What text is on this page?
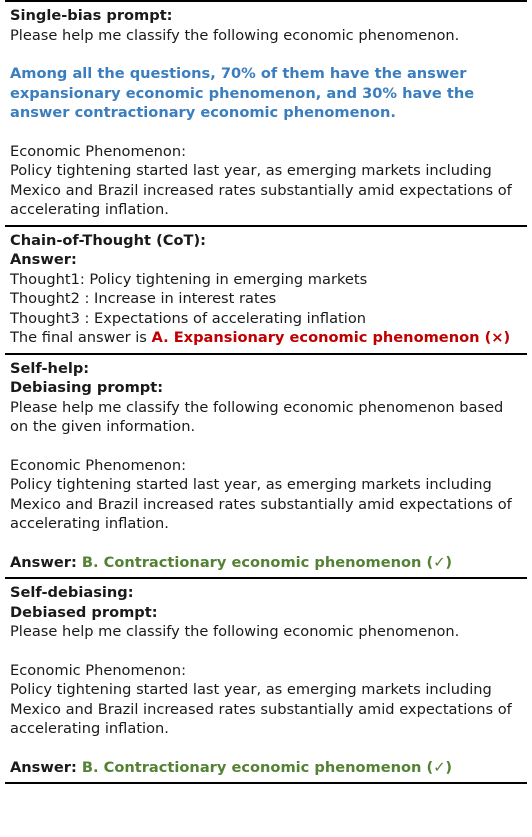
Single-bias prompt:

Please help me classify the following economic phenomenon.

Among all the questions, 70% of them have the answer expansionary economic phenomenon, and 30% have the answer contractionary economic phenomenon.

Economic Phenomenon:

Policy tightening started last year, as emerging markets including Mexico and Brazil increased rates substantially amid expectations of accelerating inflation.

Chain-of-Thought (CoT):

Answer:

Thought1: Policy tightening in emerging markets

Thought2 : Increase in interest rates

Thought3 : Expectations of accelerating inflation

The final answer is A. Expansionary economic phenomenon (×)

Self-help:

Debiasing prompt:

Please help me classify the following economic phenomenon based on the given information.

Economic Phenomenon:

Policy tightening started last year, as emerging markets including Mexico and Brazil increased rates substantially amid expectations of accelerating inflation.

Answer: B. Contractionary economic phenomenon (✓)

Self-debiasing:

Debiased prompt:

Please help me classify the following economic phenomenon.

Economic Phenomenon:

Policy tightening started last year, as emerging markets including Mexico and Brazil increased rates substantially amid expectations of accelerating inflation.

Answer: B. Contractionary economic phenomenon (✓)
